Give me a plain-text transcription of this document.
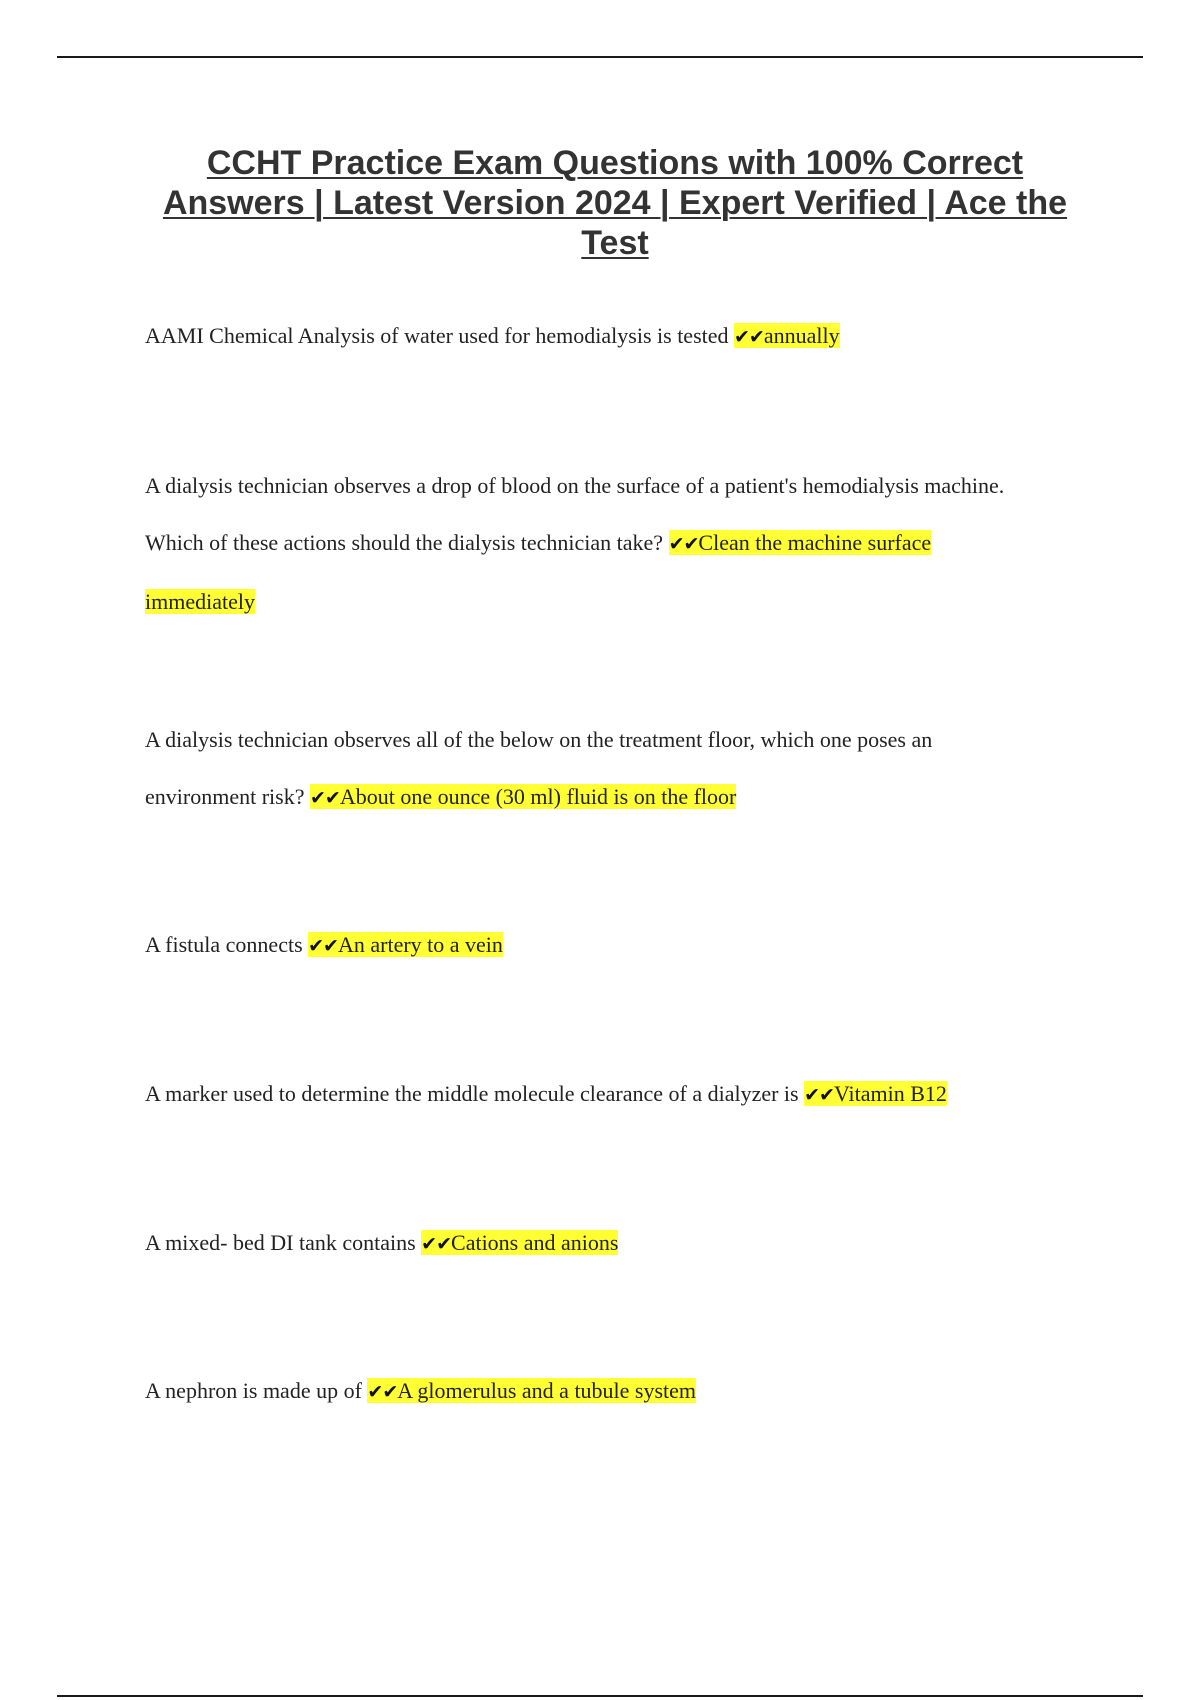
CCHT Practice Exam Questions with 100% Correct Answers | Latest Version 2024 | Expert Verified | Ace the Test

AAMI Chemical Analysis of water used for hemodialysis is tested ✔✔annually

A dialysis technician observes a drop of blood on the surface of a patient's hemodialysis machine. Which of these actions should the dialysis technician take? ✔✔Clean the machine surface immediately

A dialysis technician observes all of the below on the treatment floor, which one poses an environment risk? ✔✔About one ounce (30 ml) fluid is on the floor

A fistula connects ✔✔An artery to a vein

A marker used to determine the middle molecule clearance of a dialyzer is ✔✔Vitamin B12

A mixed- bed DI tank contains ✔✔Cations and anions

A nephron is made up of ✔✔A glomerulus and a tubule system
